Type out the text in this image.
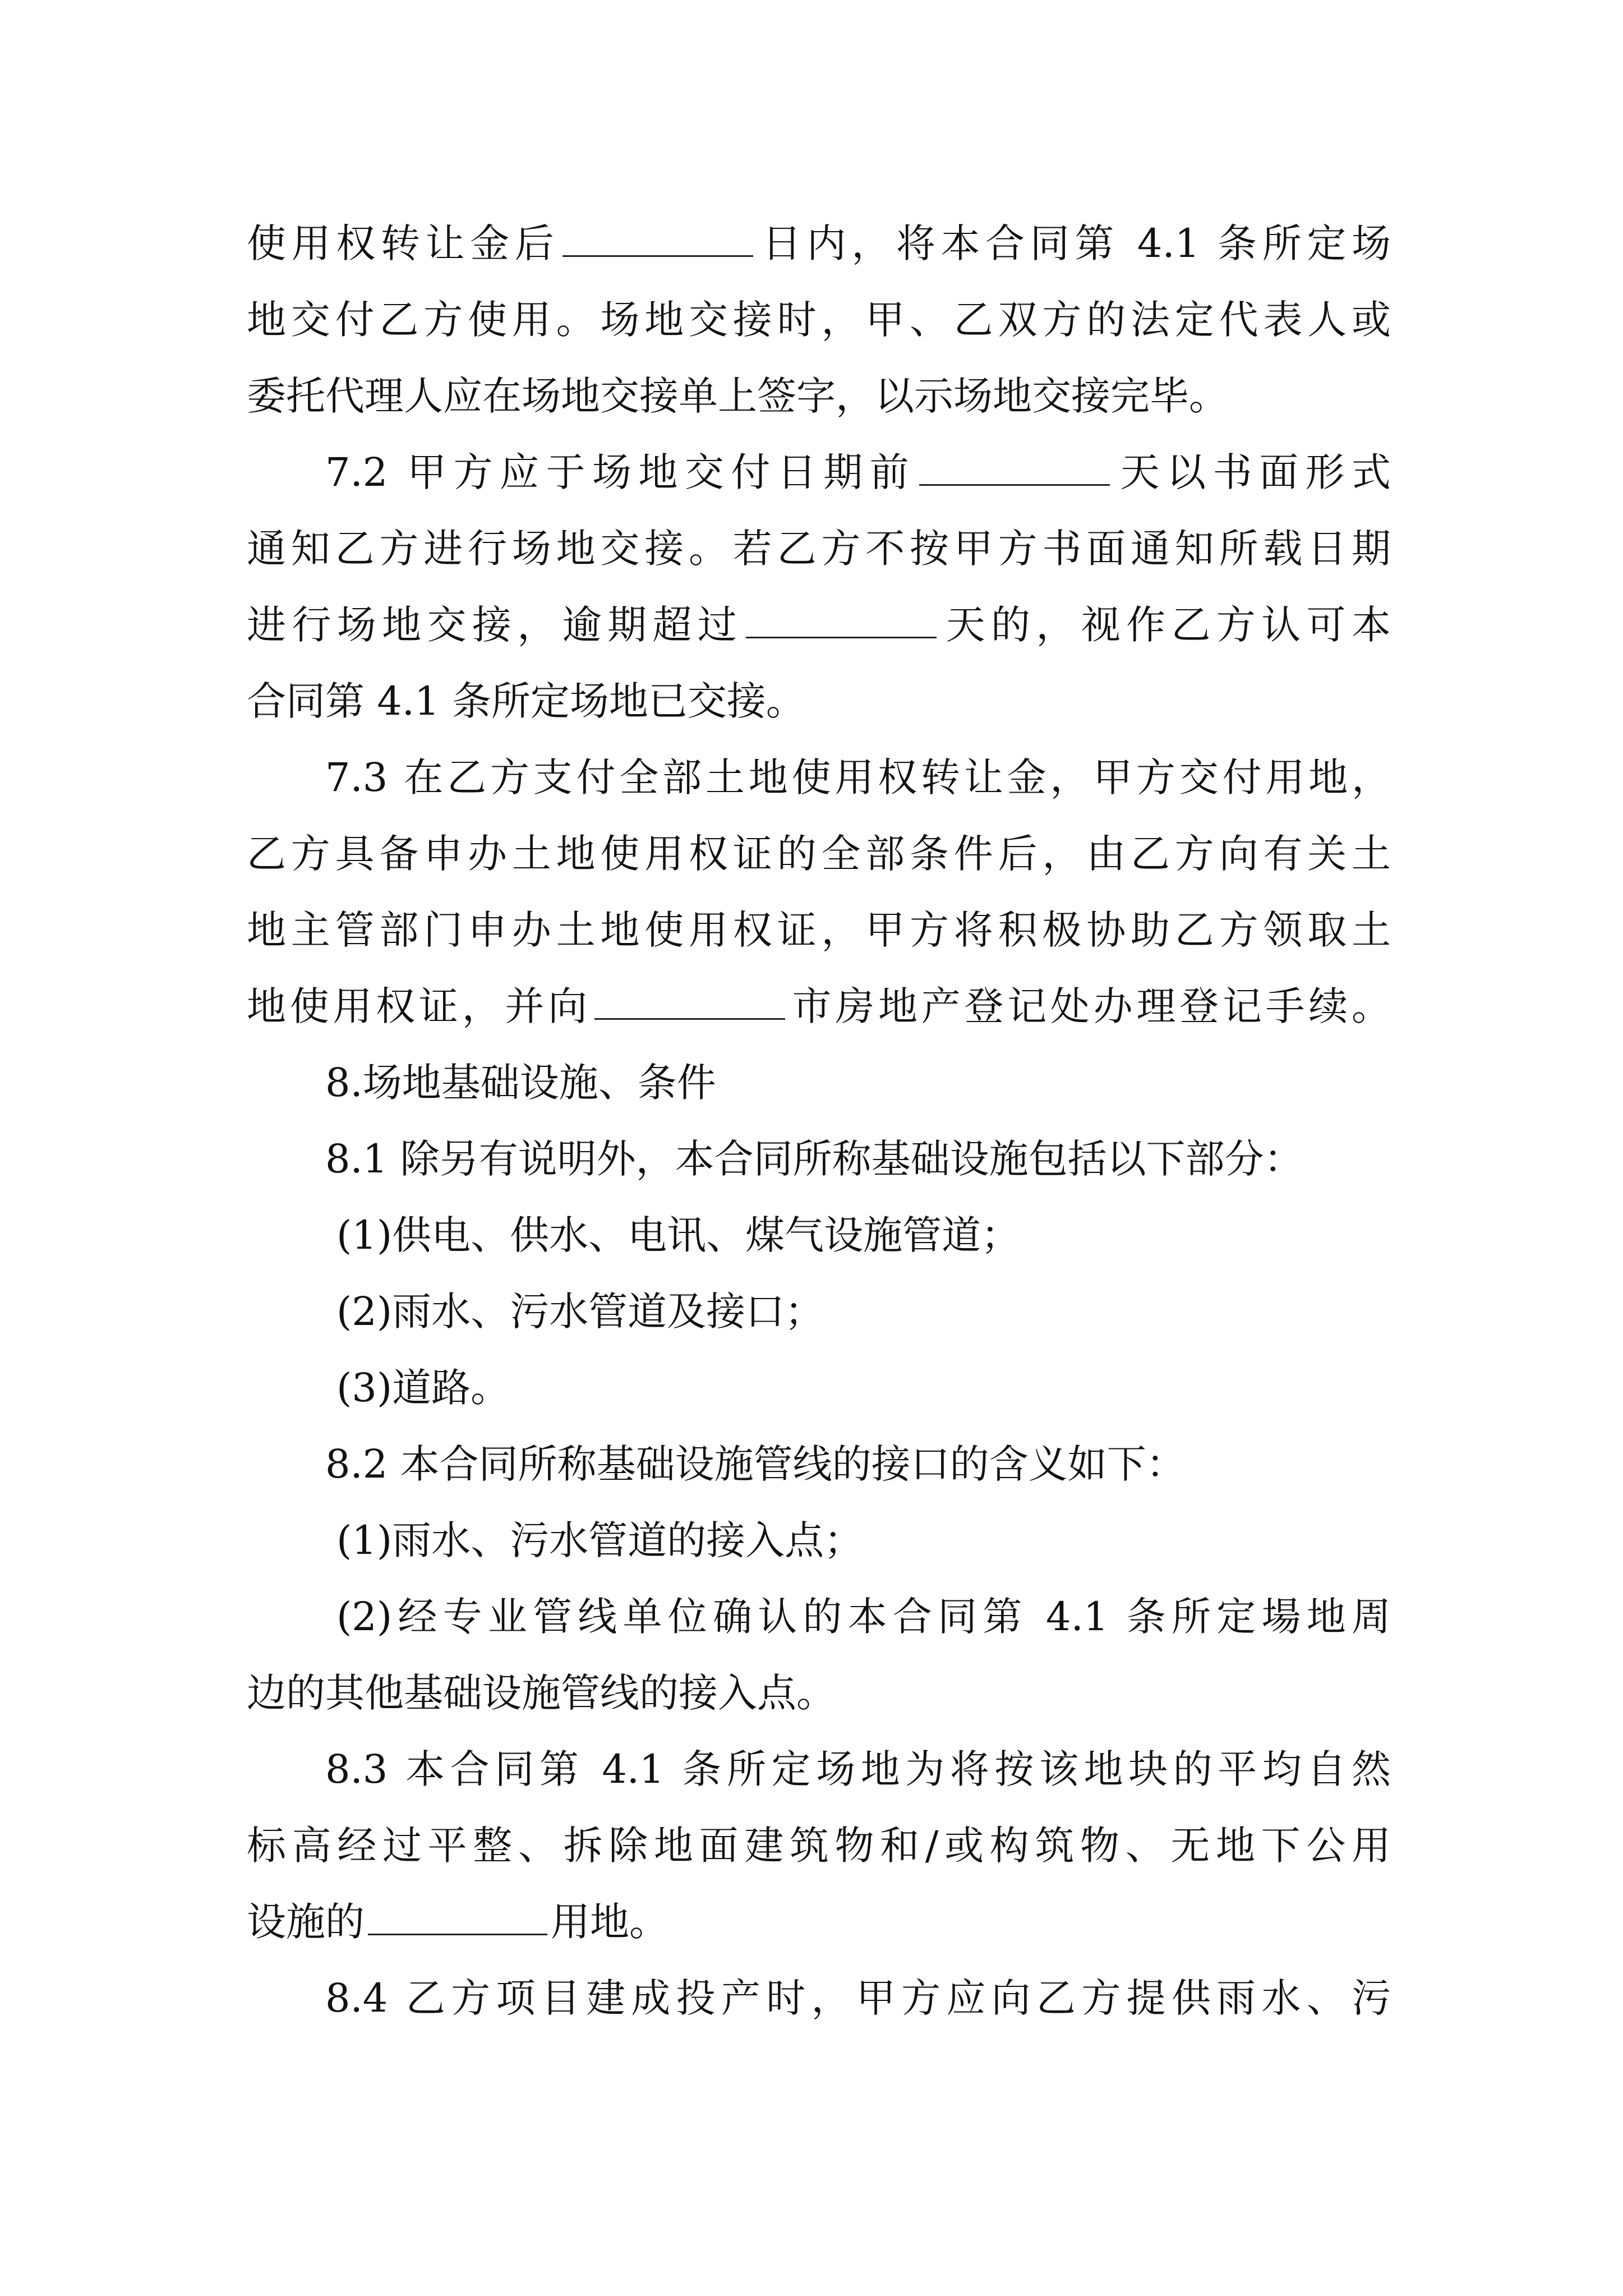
使用权转让金后	日内，将本合同第 4.1 条所定场
地交付乙方使用。场地交接时，甲、乙双方的法定代表人或
委托代理人应在场地交接单上签字，以示场地交接完毕。
7.2 甲方应于场地交付日期前	天以书面形式
通知乙方进行场地交接。若乙方不按甲方书面通知所载日期
进行场地交接，逾期超过	天的，视作乙方认可本
合同第 4.1 条所定场地已交接。
7.3 在乙方支付全部土地使用权转让金，甲方交付用地，
乙方具备申办土地使用权证的全部条件后，由乙方向有关土
地主管部门申办土地使用权证，甲方将积极协助乙方领取土
地使用权证，并向	市房地产登记处办理登记手续。
8.场地基础设施、条件
8.1 除另有说明外，本合同所称基础设施包括以下部分：
(1)供电、供水、电讯、煤气设施管道；
(2)雨水、污水管道及接口；
(3)道路。
8.2 本合同所称基础设施管线的接口的含义如下：
(1)雨水、污水管道的接入点；
(2)经专业管线单位确认的本合同第 4.1 条所定場地周
边的其他基础设施管线的接入点。
8.3 本合同第 4.1 条所定场地为将按该地块的平均自然
标高经过平整、拆除地面建筑物和/或构筑物、无地下公用
设施的	用地。
8.4 乙方项目建成投产时，甲方应向乙方提供雨水、污
